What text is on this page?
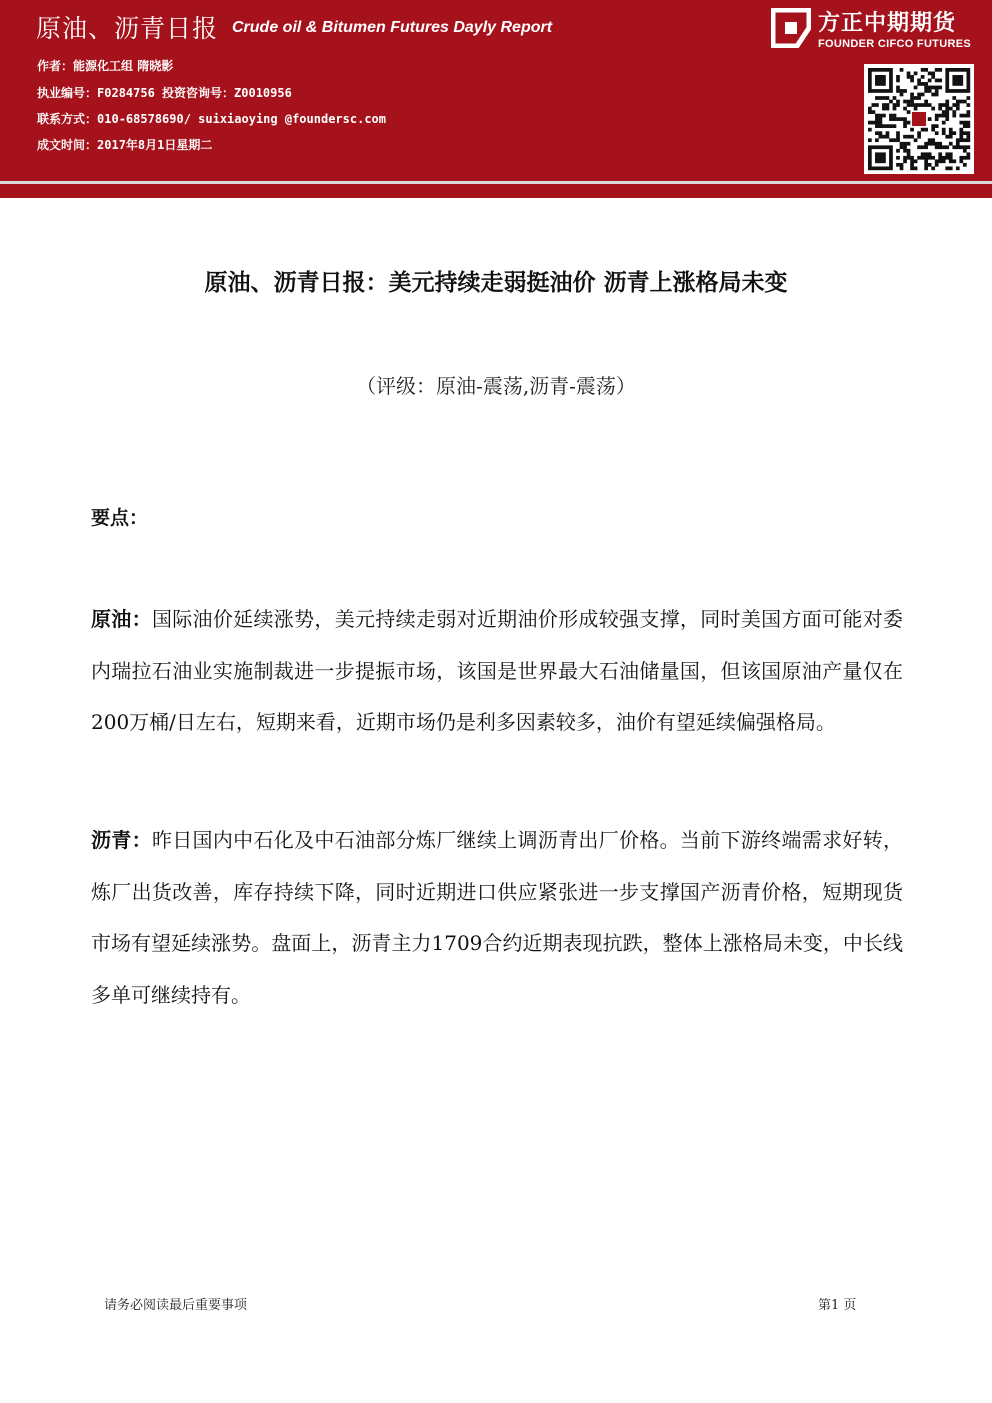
原油、沥青日报 Crude oil & Bitumen Futures Dayly Report
作者：能源化工组 隋晓影
执业编号：F0284756 投资咨询号：Z0010956
联系方式：010-68578690/ suixiaoying @foundersc.com
成文时间：2017年8月1日星期二
方正中期期货
FOUNDER CIFCO FUTURES
原油、沥青日报：美元持续走弱挺油价 沥青上涨格局未变
（评级：原油-震荡,沥青-震荡）
要点：
原油：国际油价延续涨势，美元持续走弱对近期油价形成较强支撑，同时美国方面可能对委内瑞拉石油业实施制裁进一步提振市场，该国是世界最大石油储量国，但该国原油产量仅在200万桶/日左右，短期来看，近期市场仍是利多因素较多，油价有望延续偏强格局。
沥青：昨日国内中石化及中石油部分炼厂继续上调沥青出厂价格。当前下游终端需求好转，炼厂出货改善，库存持续下降，同时近期进口供应紧张进一步支撑国产沥青价格，短期现货市场有望延续涨势。盘面上，沥青主力1709合约近期表现抗跌，整体上涨格局未变，中长线多单可继续持有。
请务必阅读最后重要事项	第1 页
